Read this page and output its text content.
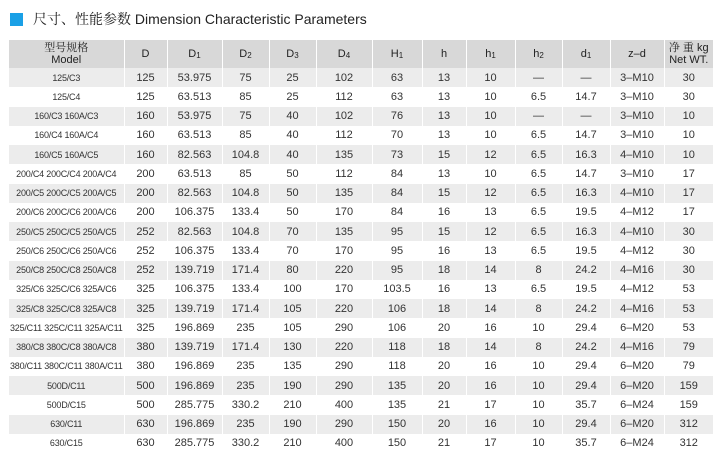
尺寸、性能参数 Dimension Characteristic Parameters
型号规格
Model	D	$D_1$	$D_2$	$D_3$	$D_4$	$H_1$	h	$h_1$	$h_2$	$d_1$	z–d	净 重 kg
Net WT.
125/C3	125	53.975	75	25	102	63	13	10	—	—	3–M10	30
125/C4	125	63.513	85	25	112	63	13	10	6.5	14.7	3–M10	30
160/C3 160A/C3	160	53.975	75	40	102	76	13	10	—	—	3–M10	10
160/C4 160A/C4	160	63.513	85	40	112	70	13	10	6.5	14.7	3–M10	10
160/C5 160A/C5	160	82.563	104.8	40	135	73	15	12	6.5	16.3	4–M10	10
200/C4 200C/C4 200A/C4	200	63.513	85	50	112	84	13	10	6.5	14.7	3–M10	17
200/C5 200C/C5 200A/C5	200	82.563	104.8	50	135	84	15	12	6.5	16.3	4–M10	17
200/C6 200C/C6 200A/C6	200	106.375	133.4	50	170	84	16	13	6.5	19.5	4–M12	17
250/C5 250C/C5 250A/C5	252	82.563	104.8	70	135	95	15	12	6.5	16.3	4–M10	30
250/C6 250C/C6 250A/C6	252	106.375	133.4	70	170	95	16	13	6.5	19.5	4–M12	30
250/C8 250C/C8 250A/C8	252	139.719	171.4	80	220	95	18	14	8	24.2	4–M16	30
325/C6 325C/C6 325A/C6	325	106.375	133.4	100	170	103.5	16	13	6.5	19.5	4–M12	53
325/C8 325C/C8 325A/C8	325	139.719	171.4	105	220	106	18	14	8	24.2	4–M16	53
325/C11 325C/C11 325A/C11	325	196.869	235	105	290	106	20	16	10	29.4	6–M20	53
380/C8 380C/C8 380A/C8	380	139.719	171.4	130	220	118	18	14	8	24.2	4–M16	79
380/C11 380C/C11 380A/C11	380	196.869	235	135	290	118	20	16	10	29.4	6–M20	79
500D/C11	500	196.869	235	190	290	135	20	16	10	29.4	6–M20	159
500D/C15	500	285.775	330.2	210	400	135	21	17	10	35.7	6–M24	159
630/C11	630	196.869	235	190	290	150	20	16	10	29.4	6–M20	312
630/C15	630	285.775	330.2	210	400	150	21	17	10	35.7	6–M24	312
